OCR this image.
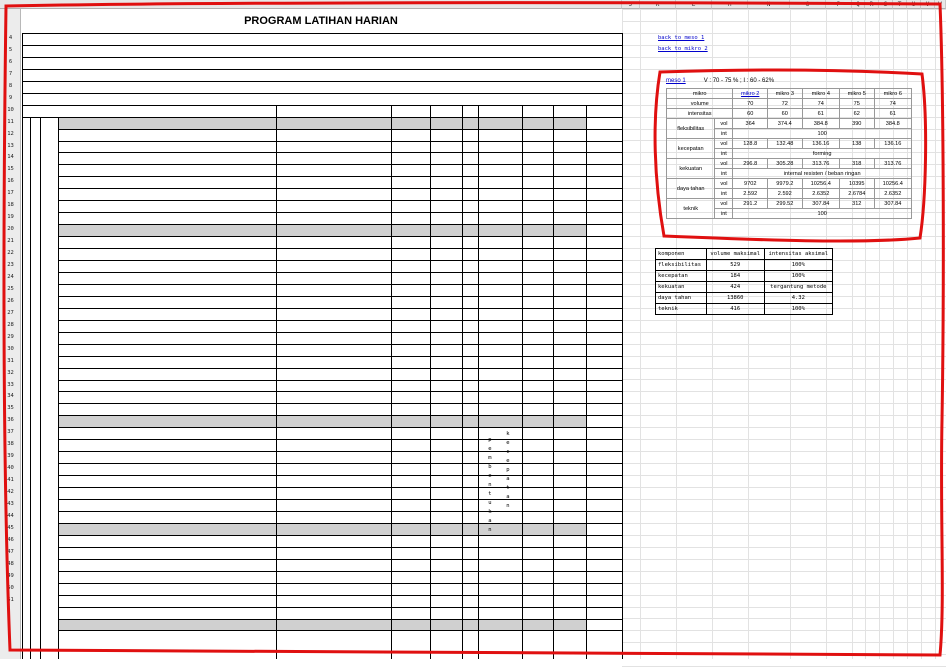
J	K	L	M	N	O	P	Q	R	S	T	U	V	W
4
5
6
7
8
9
10
11
12
13
14
15
16
17
18
19
20
21
22
23
24
25
26
27
28
29
30
31
32
33
34
35
36
37
38
39
40
41
42
43
44
45
46
47
48
49
50
51
p
e
m
b
e
n
t
u
k
a
n
k
e
c
e
p
a
t
a
n
PROGRAM LATIHAN HARIAN
back to meso 1
back to mikro 2
meso 1	V : 70 - 75 % ; I : 60 - 62%
mikro		mikro 2	mikro 3	mikro 4	mikro 5	mikro 6
volume		70	72	74	75	74
intensitas		60	60	61	62	61
fleksibilitas	vol	364	374.4	384.8	390	384.8
	int	100				
kecepatan	vol	128.8	132.48	136.16	138	136.16
	int	forming				
kekuatan	vol	296.8	305.28	313.76	318	313.76
	int	internal resisten / beban ringan				
daya tahan	vol	9702	9979.2	10256.4	10395	10256.4
	int	2.592	2.592	2.6352	2.6784	2.6352
teknik	vol	291.2	299.52	307.84	312	307.84
	int	100				
komponen	volume maksimal	intensitas aksimal
fleksibilitas	529	100%
kecepatan	184	100%
kekuatan	424	tergantung metode
daya tahan	13860	4.32
teknik	416	100%
